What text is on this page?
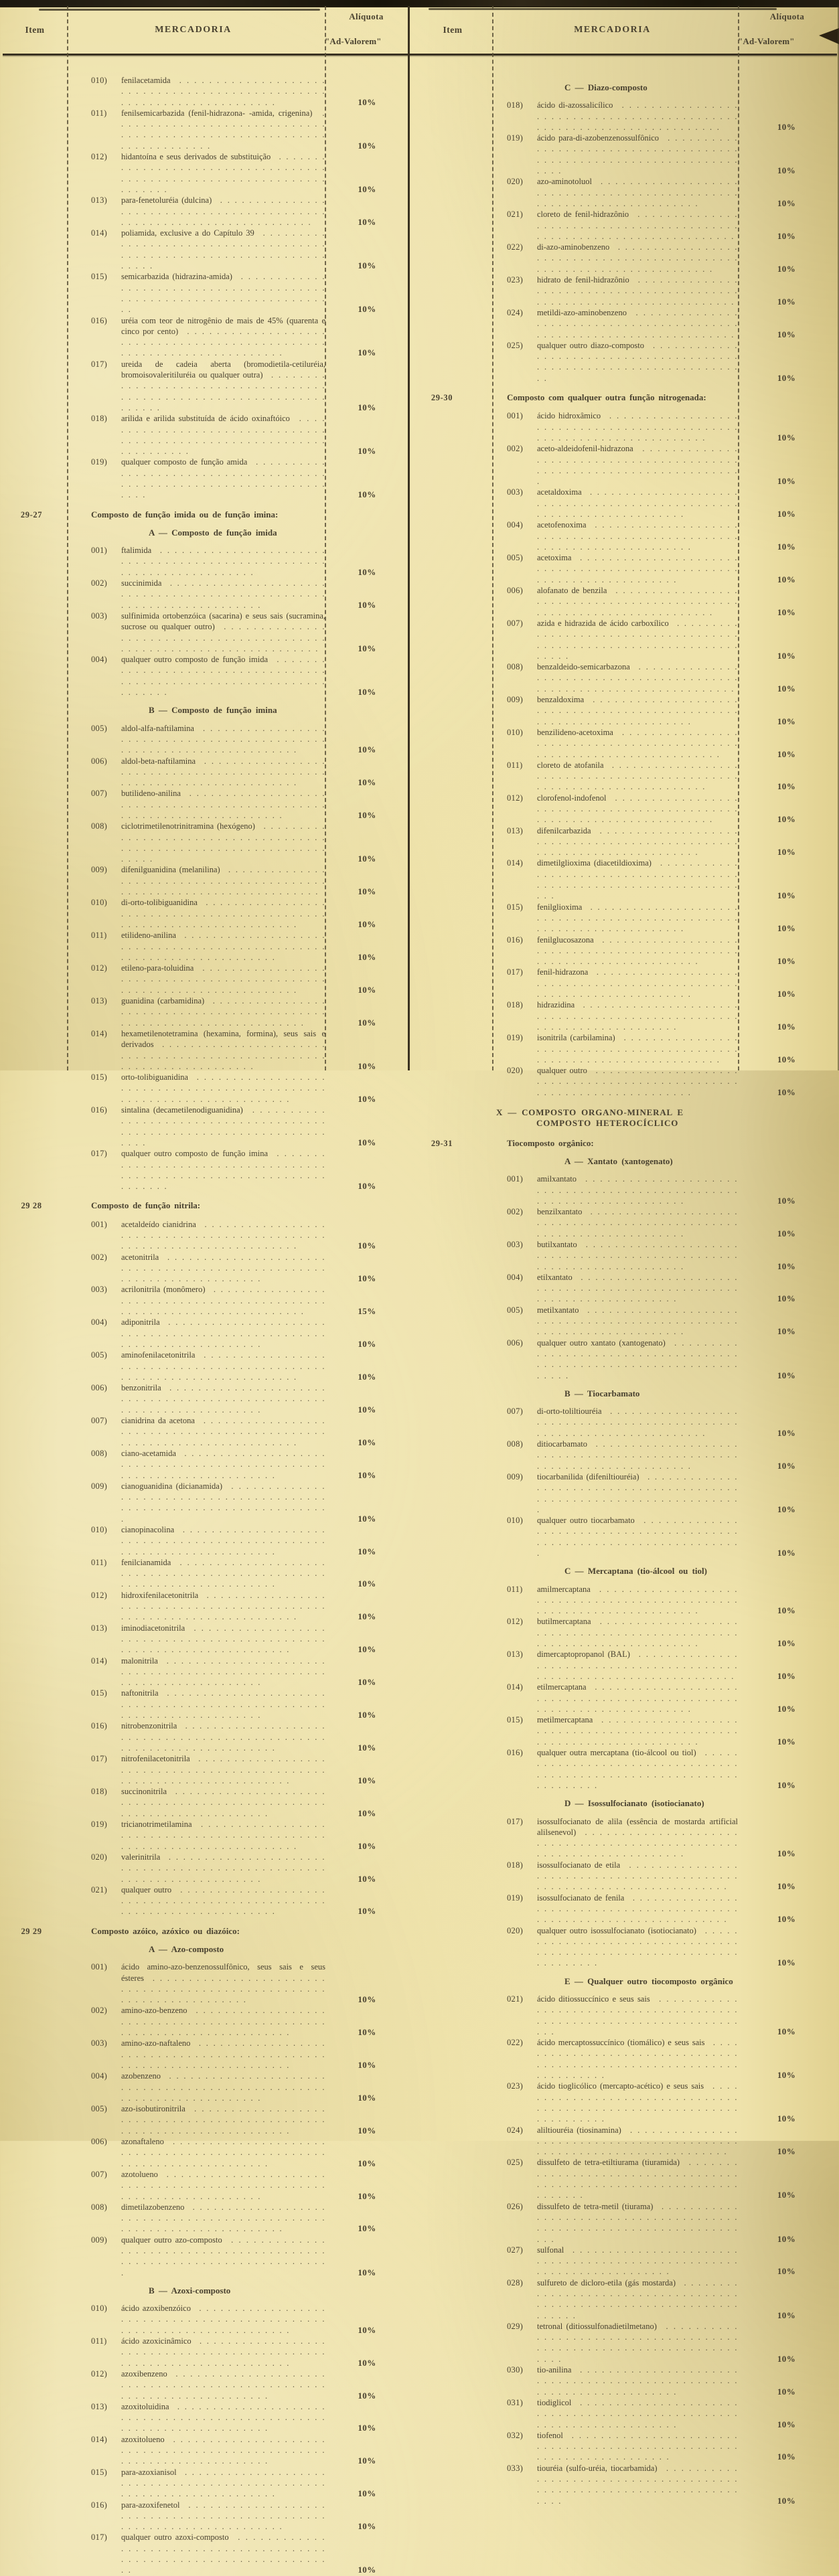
Item	MERCADORIA
Alíquota
"Ad-Valorem"
010)	fenilacetamida . . .
10%
011)	fenilsemicarbazida (fenil-hidrazona- -amida, crigenina) . . .
10%
012)	hidantoína e seus derivados de substituição . . .
10%
013)	para-fenetoluréia (dulcina) . . .
10%
014)	poliamida, exclusive a do Capítulo 39 . . .
10%
015)	semicarbazida (hidrazina-amida) . . .
10%
016)	uréia com teor de nitrogênio de mais de 45% (quarenta e cinco por cento) . . .
10%
017)	ureida de cadeia aberta (bromodietila-cetiluréia, bromoisovaleritiluréia ou qualquer outra) . . .
10%
018)	arilida e arilida substituída de ácido oxinaftóico . . .
10%
019)	qualquer composto de função amida . . .
10%
29-27	Composto de função imida ou de função imina:
A — Composto de função imida
001)	ftalimida . . .
10%
002)	succinimida . . .
10%
003)	sulfinimida ortobenzóica (sacarina) e seus sais (sucramina, sucrose ou qualquer outro) . . .
10%
004)	qualquer outro composto de função imida . . .
10%
B — Composto de função imina
005)	aldol-alfa-naftilamina . . .
10%
006)	aldol-beta-naftilamina . . .
10%
007)	butilideno-anilina . . .
10%
008)	ciclotrimetilenotrinitramina (hexógeno) . . .
10%
009)	difenilguanidina (melanilina) . . .
10%
010)	di-orto-tolibiguanidina . . .
10%
011)	etilideno-anilina . . .
10%
012)	etileno-para-toluidina . . .
10%
013)	guanidina (carbamidina) . . .
10%
014)	hexametilenotetramina (hexamina, formina), seus sais e derivados . . .
10%
015)	orto-tolibiguanidina . . .
10%
016)	sintalina (decametilenodiguanidina) . . .
10%
017)	qualquer outro composto de função imina . . .
10%
29 28	Composto de função nitrila:
001)	acetaldeído cianidrina . . .
10%
002)	acetonitrila . . .
10%
003)	acrilonitrila (monômero) . . .
15%
004)	adiponitrila . . .
10%
005)	aminofenilacetonitrila . . .
10%
006)	benzonitrila . . .
10%
007)	cianidrina da acetona . . .
10%
008)	ciano-acetamida . . .
10%
009)	cianoguanidina (dicianamida) . . .
10%
010)	cianopinacolina . . .
10%
011)	fenilcianamida . . .
10%
012)	hidroxifenilacetonitrila . . .
10%
013)	iminodiacetonitrila . . .
10%
014)	malonitrila . . .
10%
015)	naftonitrila . . .
10%
016)	nitrobenzonitrila . . .
10%
017)	nitrofenilacetonitrila . . .
10%
018)	succinonitrila . . .
10%
019)	tricianotrimetilamina . . .
10%
020)	valerinitrila . . .
10%
021)	qualquer outro . . .
10%
29 29	Composto azóico, azóxico ou diazóico:
A — Azo-composto
001)	ácido amino-azo-benzenossulfônico, seus sais e seus ésteres . . .
10%
002)	amino-azo-benzeno . . .
10%
003)	amino-azo-naftaleno . . .
10%
004)	azobenzeno . . .
10%
005)	azo-isobutironitrila . . .
10%
006)	azonaftaleno . . .
10%
007)	azotolueno . . .
10%
008)	dimetilazobenzeno . . .
10%
009)	qualquer outro azo-composto . . .
10%
B — Azoxi-composto
010)	ácido azoxibenzóico . . .
10%
011)	ácido azoxicinâmico . . .
10%
012)	azoxibenzeno . . .
10%
013)	azoxitoluidina . . .
10%
014)	azoxitolueno . . .
10%
015)	para-azoxianisol . . .
10%
016)	para-azoxifenetol . . .
10%
017)	qualquer outro azoxi-composto . . .
10%
Item	MERCADORIA
Alíquota
"Ad-Valorem"
C — Diazo-composto
018)	ácido di-azossalicílico . . .
10%
019)	ácido para-di-azobenzenossulfônico . . .
10%
020)	azo-aminotoluol . . .
10%
021)	cloreto de fenil-hidrazônio . . .
10%
022)	di-azo-aminobenzeno . . .
10%
023)	hidrato de fenil-hidrazônio . . .
10%
024)	metildi-azo-aminobenzeno . . .
10%
025)	qualquer outro diazo-composto . . .
10%
29-30	Composto com qualquer outra função nitrogenada:
001)	ácido hidroxâmico . . .
10%
002)	aceto-aldeidofenil-hidrazona . . .
10%
003)	acetaldoxima . . .
10%
004)	acetofenoxima . . .
10%
005)	acetoxima . . .
10%
006)	alofanato de benzila . . .
10%
007)	azida e hidrazida de ácido carboxílico . . .
10%
008)	benzaldeido-semicarbazona . . .
10%
009)	benzaldoxima . . .
10%
010)	benzilideno-acetoxima . . .
10%
011)	cloreto de atofanila . . .
10%
012)	clorofenol-indofenol . . .
10%
013)	difenilcarbazida . . .
10%
014)	dimetilglioxima (diacetildioxima) . . .
10%
015)	fenilglioxima . . .
10%
016)	fenilglucosazona . . .
10%
017)	fenil-hidrazona . . .
10%
018)	hidrazidina . . .
10%
019)	isonitrila (carbilamina) . . .
10%
020)	qualquer outro . . .
10%
X — COMPOSTO ORGANO-MINERAL E
COMPOSTO HETEROCÍCLICO
29-31	Tiocomposto orgânico:
A — Xantato (xantogenato)
001)	amilxantato . . .
10%
002)	benzilxantato . . .
10%
003)	butilxantato . . .
10%
004)	etilxantato . . .
10%
005)	metilxantato . . .
10%
006)	qualquer outro xantato (xantogenato) . . .
10%
B — Tiocarbamato
007)	di-orto-toliltiouréia . . .
10%
008)	ditiocarbamato . . .
10%
009)	tiocarbanilida (difeniltiouréia) . . .
10%
010)	qualquer outro tiocarbamato . . .
10%
C — Mercaptana (tio-álcool ou tiol)
011)	amilmercaptana . . .
10%
012)	butilmercaptana . . .
10%
013)	dimercaptopropanol (BAL) . . .
10%
014)	etilmercaptana . . .
10%
015)	metilmercaptana . . .
10%
016)	qualquer outra mercaptana (tio-álcool ou tiol) . . .
10%
D — Isossulfocianato (isotiocianato)
017)	isossulfocianato de alila (essência de mostarda artificial alilsenevol) . . .
10%
018)	isossulfocianato de etila . . .
10%
019)	isossulfocianato de fenila . . .
10%
020)	qualquer outro isossulfocianato (isotiocianato) . . .
10%
E — Qualquer outro tiocomposto orgânico
021)	ácido ditiossuccínico e seus sais . . .
10%
022)	ácido mercaptossuccínico (tiomálico) e seus sais . . .
10%
023)	ácido tioglicólico (mercapto-acético) e seus sais . . .
10%
024)	aliltiouréia (tiosinamina) . . .
10%
025)	dissulfeto de tetra-etiltiurama (tiuramida) . . .
10%
026)	dissulfeto de tetra-metil (tiurama) . . .
10%
027)	sulfonal . . .
10%
028)	sulfureto de dicloro-etila (gás mostarda) . . .
10%
029)	tetronal (ditiossulfonadietilmetano) . . .
10%
030)	tio-anilina . . .
10%
031)	tiodiglicol . . .
10%
032)	tiofenol . . .
10%
033)	tiouréia (sulfo-uréia, tiocarbamida) . . .
10%
